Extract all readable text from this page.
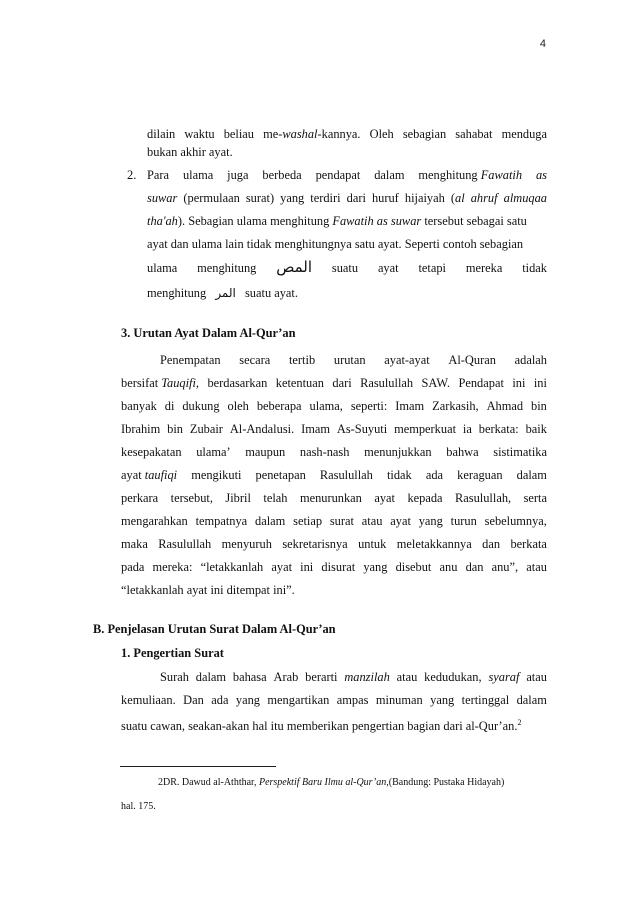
4
dilain waktu beliau me-washal-kannya. Oleh sebagian sahabat menduga
bukan akhir ayat.
2. Para ulama juga berbeda pendapat dalam menghitung Fawatih as
suwar (permulaan surat) yang terdiri dari huruf hijaiyah (al ahruf almuqaa
tha'ah). Sebagian ulama menghitung Fawatih as suwar tersebut sebagai satu
ayat dan ulama lain tidak menghitungnya satu ayat. Seperti contoh sebagian
ulama menghitung المص suatu ayat tetapi mereka tidak
menghitung المر suatu ayat.
3. Urutan Ayat Dalam Al-Qur’an
Penempatan secara tertib urutan ayat-ayat Al-Quran adalah
bersifat Tauqifi, berdasarkan ketentuan dari Rasulullah SAW. Pendapat ini ini
banyak di dukung oleh beberapa ulama, seperti: Imam Zarkasih, Ahmad bin
Ibrahim bin Zubair Al-Andalusi. Imam As-Suyuti memperkuat ia berkata: baik
kesepakatan ulama’ maupun nash-nash menunjukkan bahwa sistimatika
ayat taufiqi mengikuti penetapan Rasulullah tidak ada keraguan dalam
perkara tersebut, Jibril telah menurunkan ayat kepada Rasulullah, serta
mengarahkan tempatnya dalam setiap surat atau ayat yang turun sebelumnya,
maka Rasulullah menyuruh sekretarisnya untuk meletakkannya dan berkata
pada mereka: “letakkanlah ayat ini disurat yang disebut anu dan anu”, atau
“letakkanlah ayat ini ditempat ini”.
B. Penjelasan Urutan Surat Dalam Al-Qur’an
1. Pengertian Surat
Surah dalam bahasa Arab berarti manzilah atau kedudukan, syaraf atau
kemuliaan. Dan ada yang mengartikan ampas minuman yang tertinggal dalam
suatu cawan, seakan-akan hal itu memberikan pengertian bagian dari al-Qur’an.$^2$
2DR. Dawud al-Aththar, Perspektif Baru Ilmu al-Qur’an,(Bandung: Pustaka Hidayah)
hal. 175.
